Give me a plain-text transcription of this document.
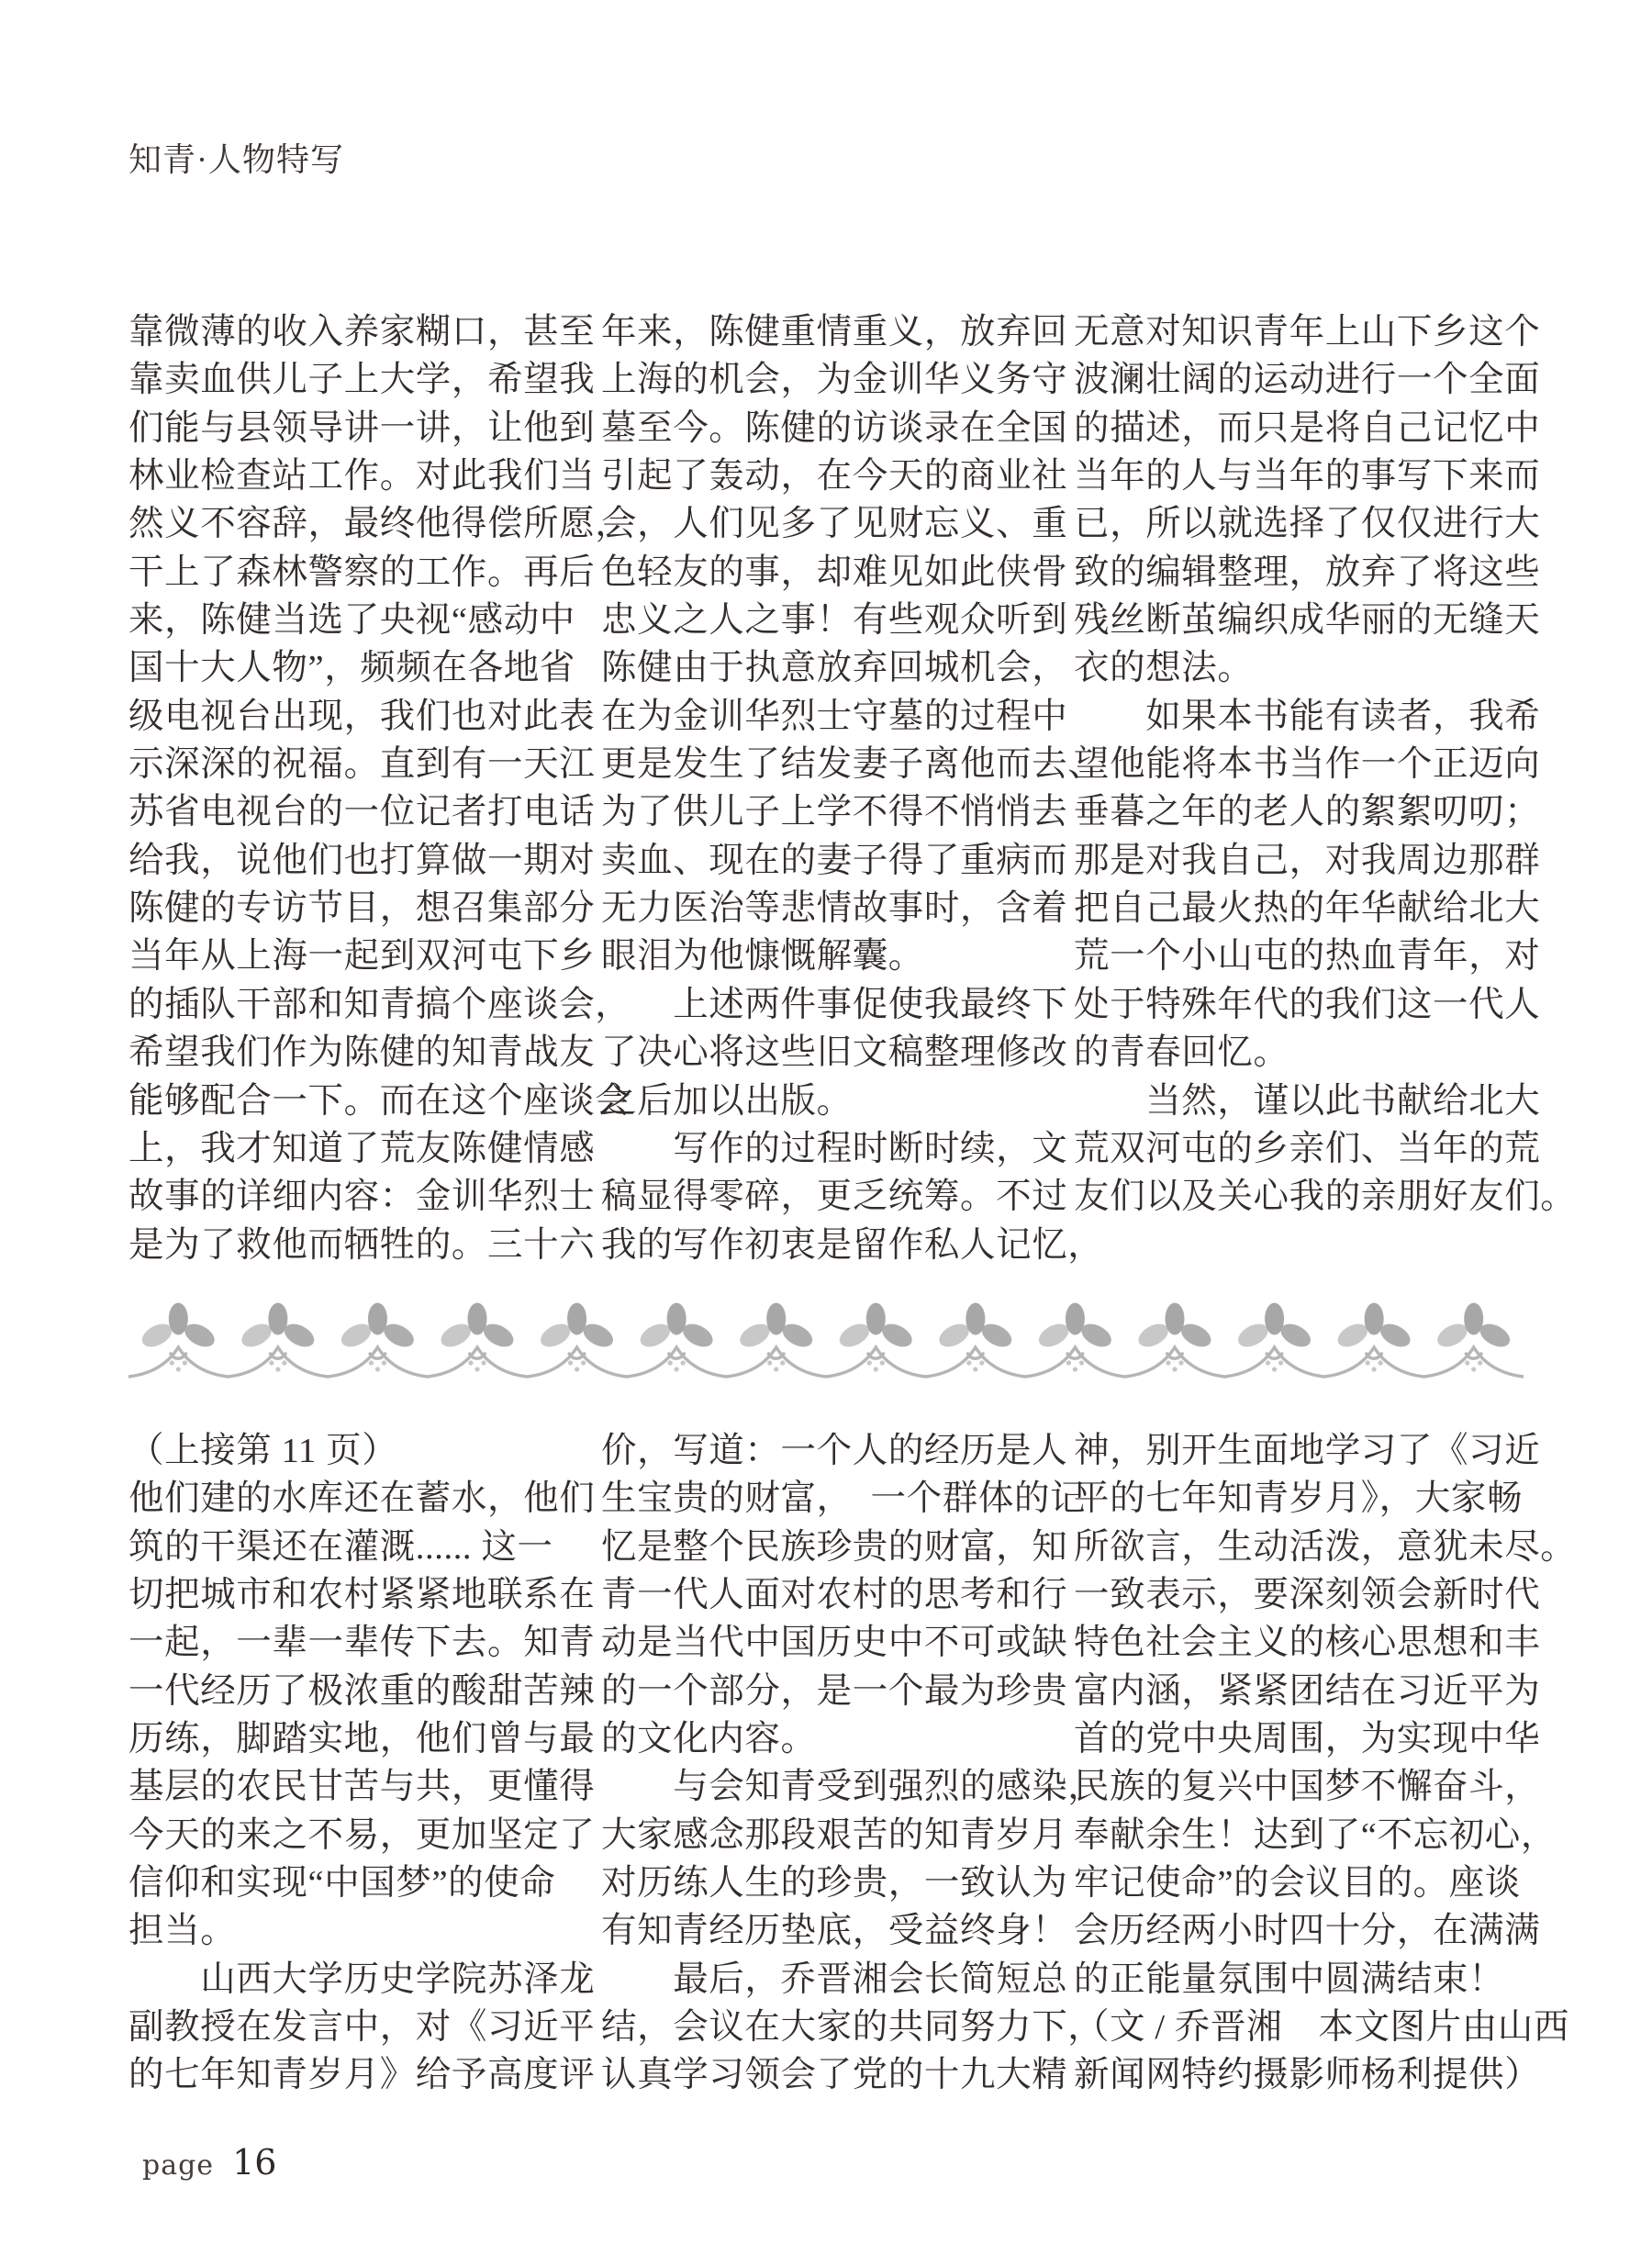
知青·人物特写
靠微薄的收入养家糊口，甚至
靠卖血供儿子上大学，希望我
们能与县领导讲一讲，让他到
林业检查站工作。对此我们当
然义不容辞，最终他得偿所愿，
干上了森林警察的工作。再后
来，陈健当选了央视“感动中
国十大人物”，频频在各地省
级电视台出现，我们也对此表
示深深的祝福。直到有一天江
苏省电视台的一位记者打电话
给我，说他们也打算做一期对
陈健的专访节目，想召集部分
当年从上海一起到双河屯下乡
的插队干部和知青搞个座谈会，
希望我们作为陈健的知青战友
能够配合一下。而在这个座谈会
上，我才知道了荒友陈健情感
故事的详细内容：金训华烈士
是为了救他而牺牲的。三十六
年来，陈健重情重义，放弃回
上海的机会，为金训华义务守
墓至今。陈健的访谈录在全国
引起了轰动，在今天的商业社
会，人们见多了见财忘义、重
色轻友的事，却难见如此侠骨
忠义之人之事！有些观众听到
陈健由于执意放弃回城机会，
在为金训华烈士守墓的过程中
更是发生了结发妻子离他而去、
为了供儿子上学不得不悄悄去
卖血、现在的妻子得了重病而
无力医治等悲情故事时，含着
眼泪为他慷慨解囊。
　　上述两件事促使我最终下
了决心将这些旧文稿整理修改
之后加以出版。
　　写作的过程时断时续，文
稿显得零碎，更乏统筹。不过
我的写作初衷是留作私人记忆，
无意对知识青年上山下乡这个
波澜壮阔的运动进行一个全面
的描述，而只是将自己记忆中
当年的人与当年的事写下来而
已，所以就选择了仅仅进行大
致的编辑整理，放弃了将这些
残丝断茧编织成华丽的无缝天
衣的想法。
　　如果本书能有读者，我希
望他能将本书当作一个正迈向
垂暮之年的老人的絮絮叨叨；
那是对我自己，对我周边那群
把自己最火热的年华献给北大
荒一个小山屯的热血青年，对
处于特殊年代的我们这一代人
的青春回忆。
　　当然，谨以此书献给北大
荒双河屯的乡亲们、当年的荒
友们以及关心我的亲朋好友们。
（上接第 11 页）
他们建的水库还在蓄水，他们
筑的干渠还在灌溉...... 这一
切把城市和农村紧紧地联系在
一起，一辈一辈传下去。知青
一代经历了极浓重的酸甜苦辣
历练，脚踏实地，他们曾与最
基层的农民甘苦与共，更懂得
今天的来之不易，更加坚定了
信仰和实现“中国梦”的使命
担当。
　　山西大学历史学院苏泽龙
副教授在发言中，对《习近平
的七年知青岁月》给予高度评
价，写道：一个人的经历是人
生宝贵的财富，　一个群体的记
忆是整个民族珍贵的财富，知
青一代人面对农村的思考和行
动是当代中国历史中不可或缺
的一个部分，是一个最为珍贵
的文化内容。
　　与会知青受到强烈的感染，
大家感念那段艰苦的知青岁月
对历练人生的珍贵，一致认为
有知青经历垫底，受益终身！
　　最后，乔晋湘会长简短总
结，会议在大家的共同努力下，
认真学习领会了党的十九大精
神，别开生面地学习了《习近
平的七年知青岁月》，大家畅
所欲言，生动活泼，意犹未尽。
一致表示，要深刻领会新时代
特色社会主义的核心思想和丰
富内涵，紧紧团结在习近平为
首的党中央周围，为实现中华
民族的复兴中国梦不懈奋斗，
奉献余生！达到了“不忘初心，
牢记使命”的会议目的。座谈
会历经两小时四十分，在满满
的正能量氛围中圆满结束！
（文 / 乔晋湘　本文图片由山西
新闻网特约摄影师杨利提供）
page 16
